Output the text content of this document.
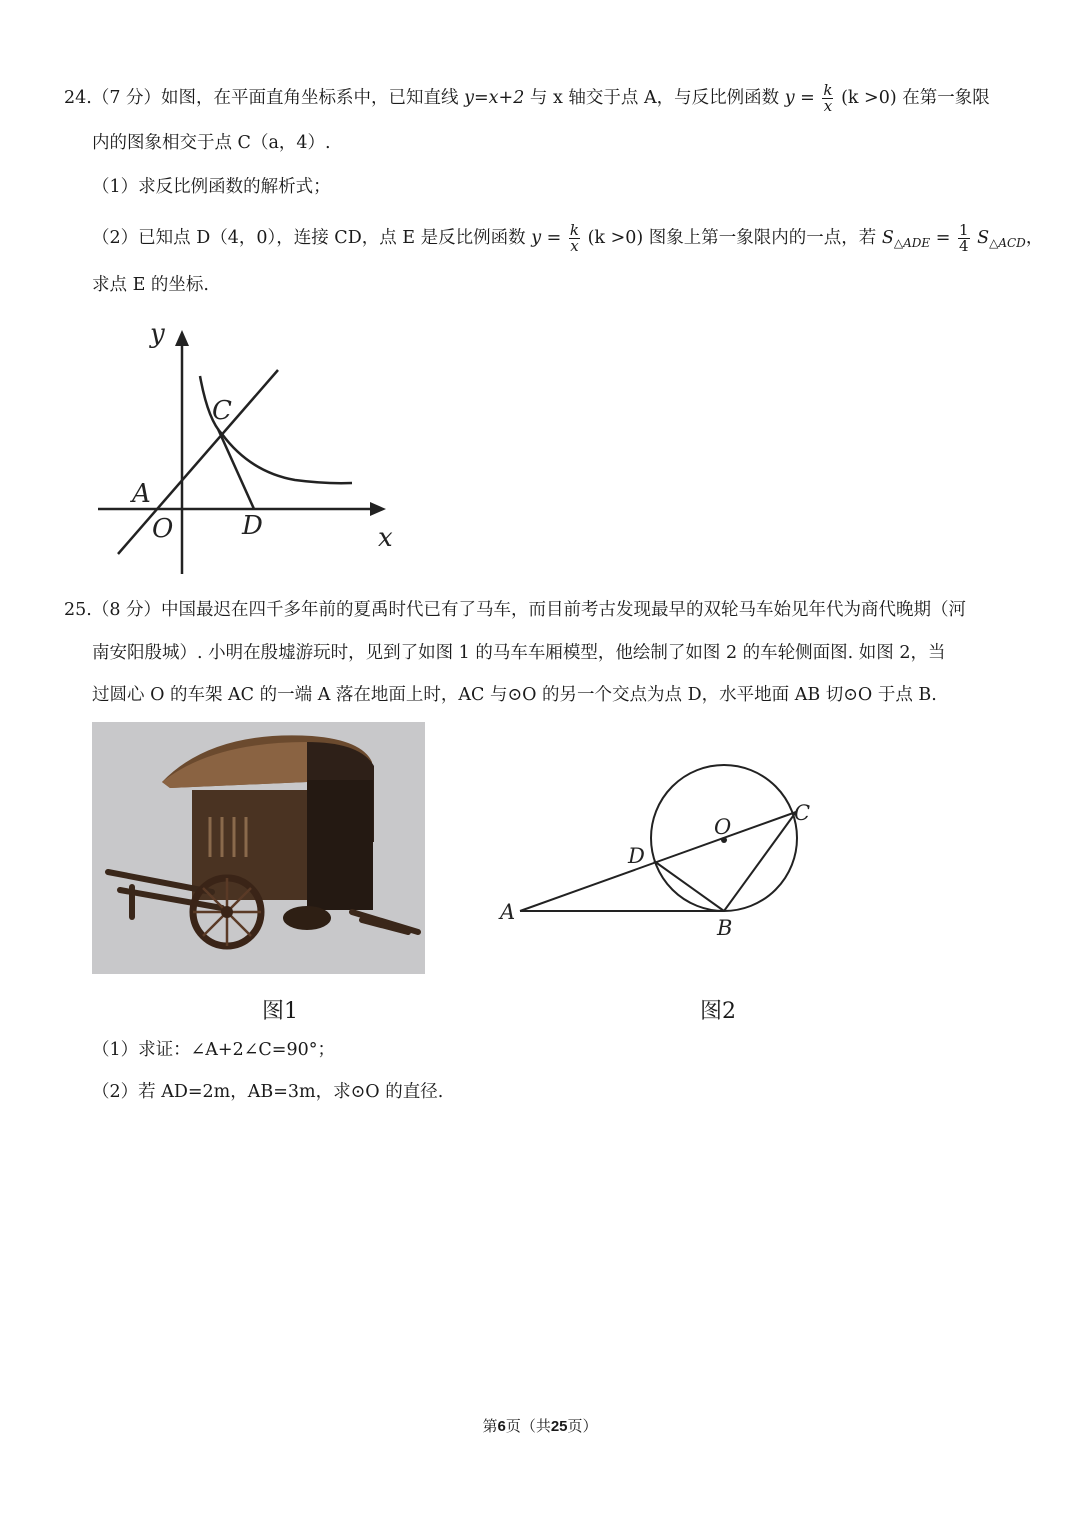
24.（7 分）如图，在平面直角坐标系中，已知直线 y=x+2 与 x 轴交于点 A，与反比例函数 $y = \frac{k}{x} (k >0)$ 在第一象限
内的图象相交于点 C（a，4）.
（1）求反比例函数的解析式；
（2）已知点 D（4，0），连接 CD，点 E 是反比例函数 $y = \frac{k}{x} (k >0)$ 图象上第一象限内的一点，若 $S_{\triangle ADE} = \frac{1}{4} S_{\triangle ACD}$，
求点 E 的坐标.
y
C
A
O	D	x
25.（8 分）中国最迟在四千多年前的夏禹时代已有了马车，而目前考古发现最早的双轮马车始见年代为商代晚期（河
南安阳殷城）. 小明在殷墟游玩时，见到了如图 1 的马车车厢模型，他绘制了如图 2 的车轮侧面图. 如图 2，当
过圆心 O 的车架 AC 的一端 A 落在地面上时，AC 与⊙O 的另一个交点为点 D，水平地面 AB 切⊙O 于点 B.
图1
O
C
D
A
B
图2
（1）求证：∠A+2∠C=90°；
（2）若 AD=2m，AB=3m，求⊙O 的直径.
第6页（共25页）
